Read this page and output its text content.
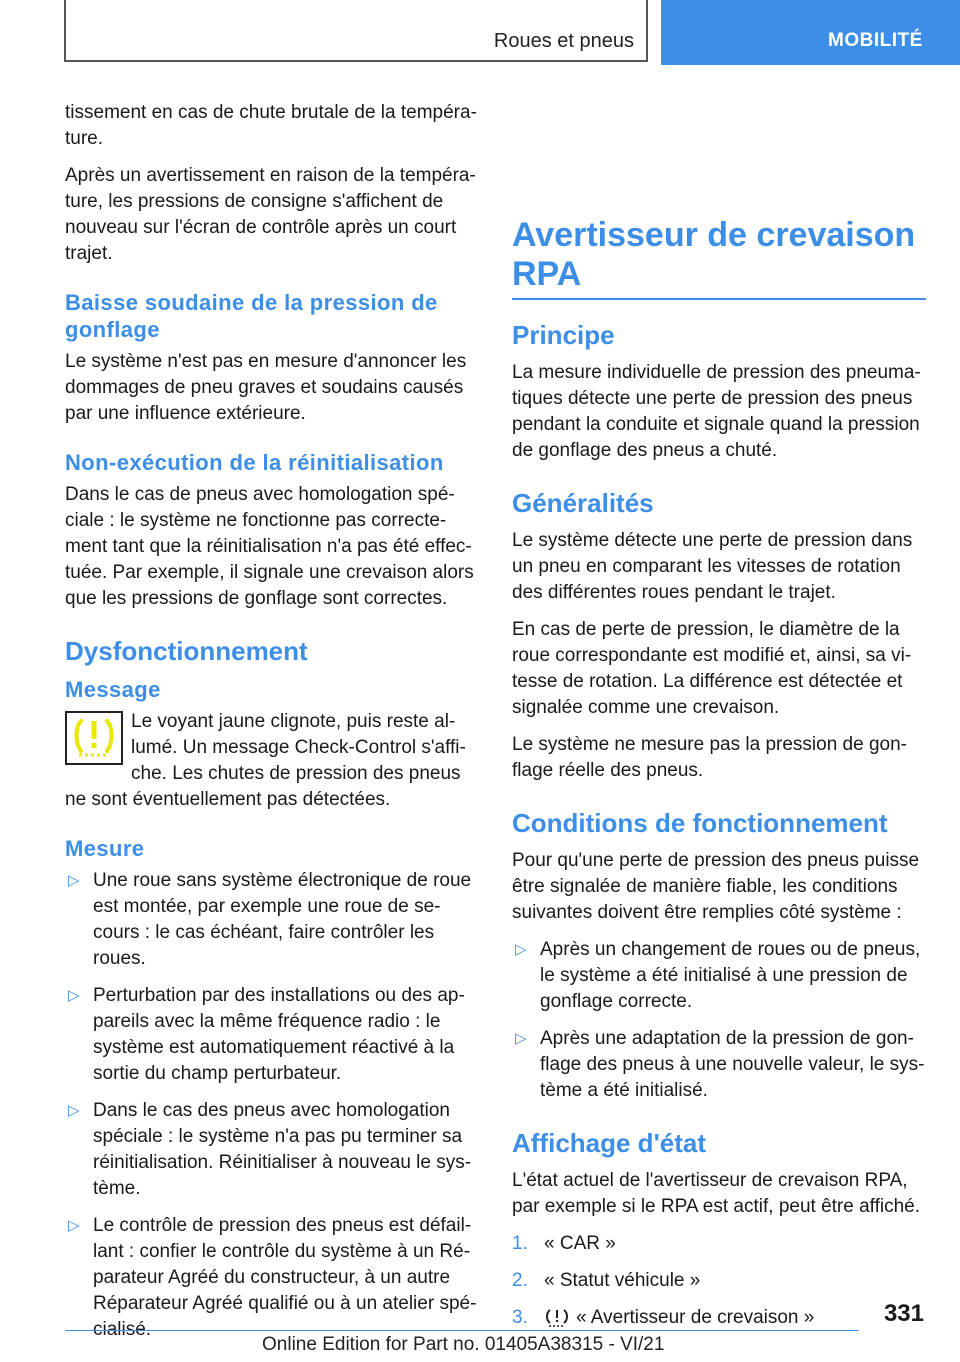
Roues et pneus	MOBILITÉ

tissement en cas de chute brutale de la température.

Après un avertissement en raison de la température, les pressions de consigne s'affichent de nouveau sur l'écran de contrôle après un court trajet.

Baisse soudaine de la pression de gonflage

Le système n'est pas en mesure d'annoncer les dommages de pneu graves et soudains causés par une influence extérieure.

Non-exécution de la réinitialisation

Dans le cas de pneus avec homologation spéciale : le système ne fonctionne pas correctement tant que la réinitialisation n'a pas été effectuée. Par exemple, il signale une crevaison alors que les pressions de gonflage sont correctes.

Dysfonctionnement
Message

Le voyant jaune clignote, puis reste allumé. Un message Check-Control s'affiche. Les chutes de pression des pneus ne sont éventuellement pas détectées.

Mesure
▷ Une roue sans système électronique de roue est montée, par exemple une roue de secours : le cas échéant, faire contrôler les roues.
▷ Perturbation par des installations ou des appareils avec la même fréquence radio : le système est automatiquement réactivé à la sortie du champ perturbateur.
▷ Dans le cas des pneus avec homologation spéciale : le système n'a pas pu terminer sa réinitialisation. Réinitialiser à nouveau le système.
▷ Le contrôle de pression des pneus est défaillant : confier le contrôle du système à un Réparateur Agréé du constructeur, à un autre Réparateur Agréé qualifié ou à un atelier spécialisé.
Avertisseur de crevaison RPA
Principe

La mesure individuelle de pression des pneumatiques détecte une perte de pression des pneus pendant la conduite et signale quand la pression de gonflage des pneus a chuté.

Généralités

Le système détecte une perte de pression dans un pneu en comparant les vitesses de rotation des différentes roues pendant le trajet.

En cas de perte de pression, le diamètre de la roue correspondante est modifié et, ainsi, sa vitesse de rotation. La différence est détectée et signalée comme une crevaison.

Le système ne mesure pas la pression de gonflage réelle des pneus.

Conditions de fonctionnement

Pour qu'une perte de pression des pneus puisse être signalée de manière fiable, les conditions suivantes doivent être remplies côté système :

▷ Après un changement de roues ou de pneus, le système a été initialisé à une pression de gonflage correcte.
▷ Après une adaptation de la pression de gonflage des pneus à une nouvelle valeur, le système a été initialisé.
Affichage d'état

L'état actuel de l'avertisseur de crevaison RPA, par exemple si le RPA est actif, peut être affiché.

1. « CAR »
2. « Statut véhicule »
3.	« Avertisseur de crevaison »	331
Online Edition for Part no. 01405A38315 - VI/21
